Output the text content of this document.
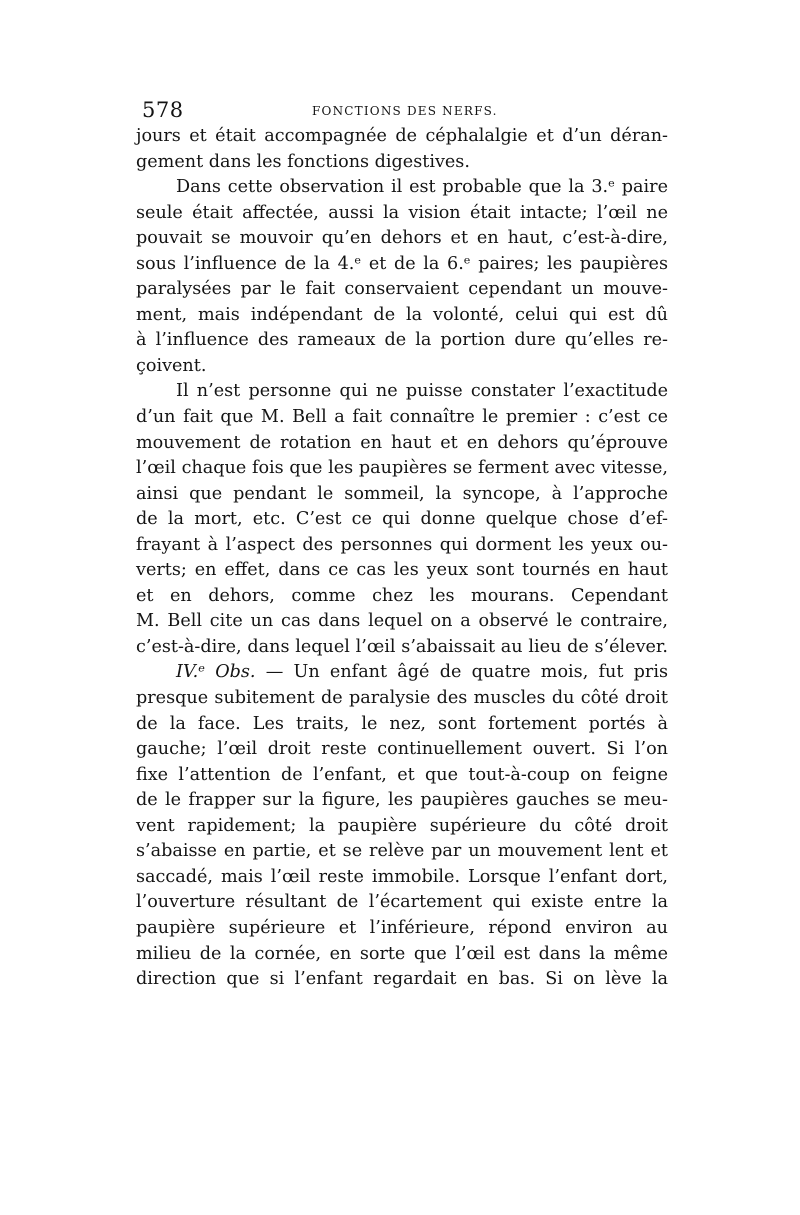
578	FONCTIONS DES NERFS.
jours et était accompagnée de céphalalgie et d’un déran-
gement dans les fonctions digestives.
Dans cette observation il est probable que la 3.ᵉ paire
seule était affectée, aussi la vision était intacte; l’œil ne
pouvait se mouvoir qu’en dehors et en haut, c’est-à-dire,
sous l’influence de la 4.ᵉ et de la 6.ᵉ paires; les paupières
paralysées par le fait conservaient cependant un mouve-
ment, mais indépendant de la volonté, celui qui est dû
à l’influence des rameaux de la portion dure qu’elles re-
çoivent.
Il n’est personne qui ne puisse constater l’exactitude
d’un fait que M. Bell a fait connaître le premier : c’est ce
mouvement de rotation en haut et en dehors qu’éprouve
l’œil chaque fois que les paupières se ferment avec vitesse,
ainsi que pendant le sommeil, la syncope, à l’approche
de la mort, etc. C’est ce qui donne quelque chose d’ef-
frayant à l’aspect des personnes qui dorment les yeux ou-
verts; en effet, dans ce cas les yeux sont tournés en haut
et en dehors, comme chez les mourans. Cependant
M. Bell cite un cas dans lequel on a observé le contraire,
c’est-à-dire, dans lequel l’œil s’abaissait au lieu de s’élever.
IV.ᵉ Obs. — Un enfant âgé de quatre mois, fut pris
presque subitement de paralysie des muscles du côté droit
de la face. Les traits, le nez, sont fortement portés à
gauche; l’œil droit reste continuellement ouvert. Si l’on
fixe l’attention de l’enfant, et que tout-à-coup on feigne
de le frapper sur la figure, les paupières gauches se meu-
vent rapidement; la paupière supérieure du côté droit
s’abaisse en partie, et se relève par un mouvement lent et
saccadé, mais l’œil reste immobile. Lorsque l’enfant dort,
l’ouverture résultant de l’écartement qui existe entre la
paupière supérieure et l’inférieure, répond environ au
milieu de la cornée, en sorte que l’œil est dans la même
direction que si l’enfant regardait en bas. Si on lève la
